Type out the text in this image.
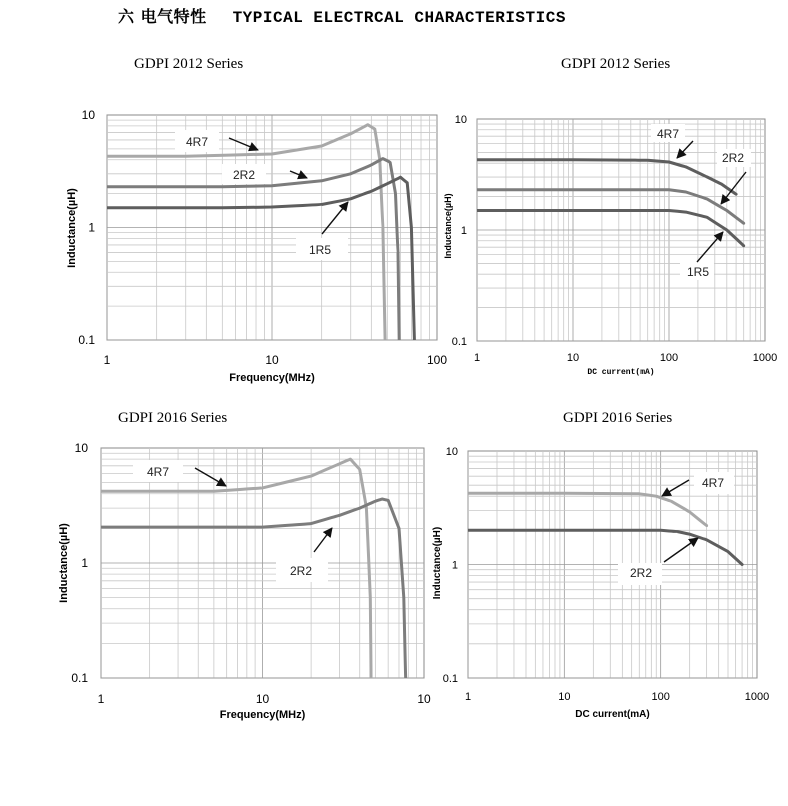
六 电气特性 TYPICAL ELECTRCAL CHARACTERISTICS
GDPI 2012 Series	GDPI 2012 Series
GDPI 2016 Series	GDPI 2016 Series
0.1
1
10
1	10	100
Frequency(MHz)
Inductance(µH)
4R7
2R2
1R5
0.1
1
10
1	10	100	1000
DC current(mA)
Inductance(µH)
4R7
2R2
1R5
0.1
1
10
1	10	10
Frequency(MHz)
Inductance(µH)
4R7
2R2
0.1
1
10
1	10	100	1000
DC current(mA)
Inductance(µH)
4R7
2R2
